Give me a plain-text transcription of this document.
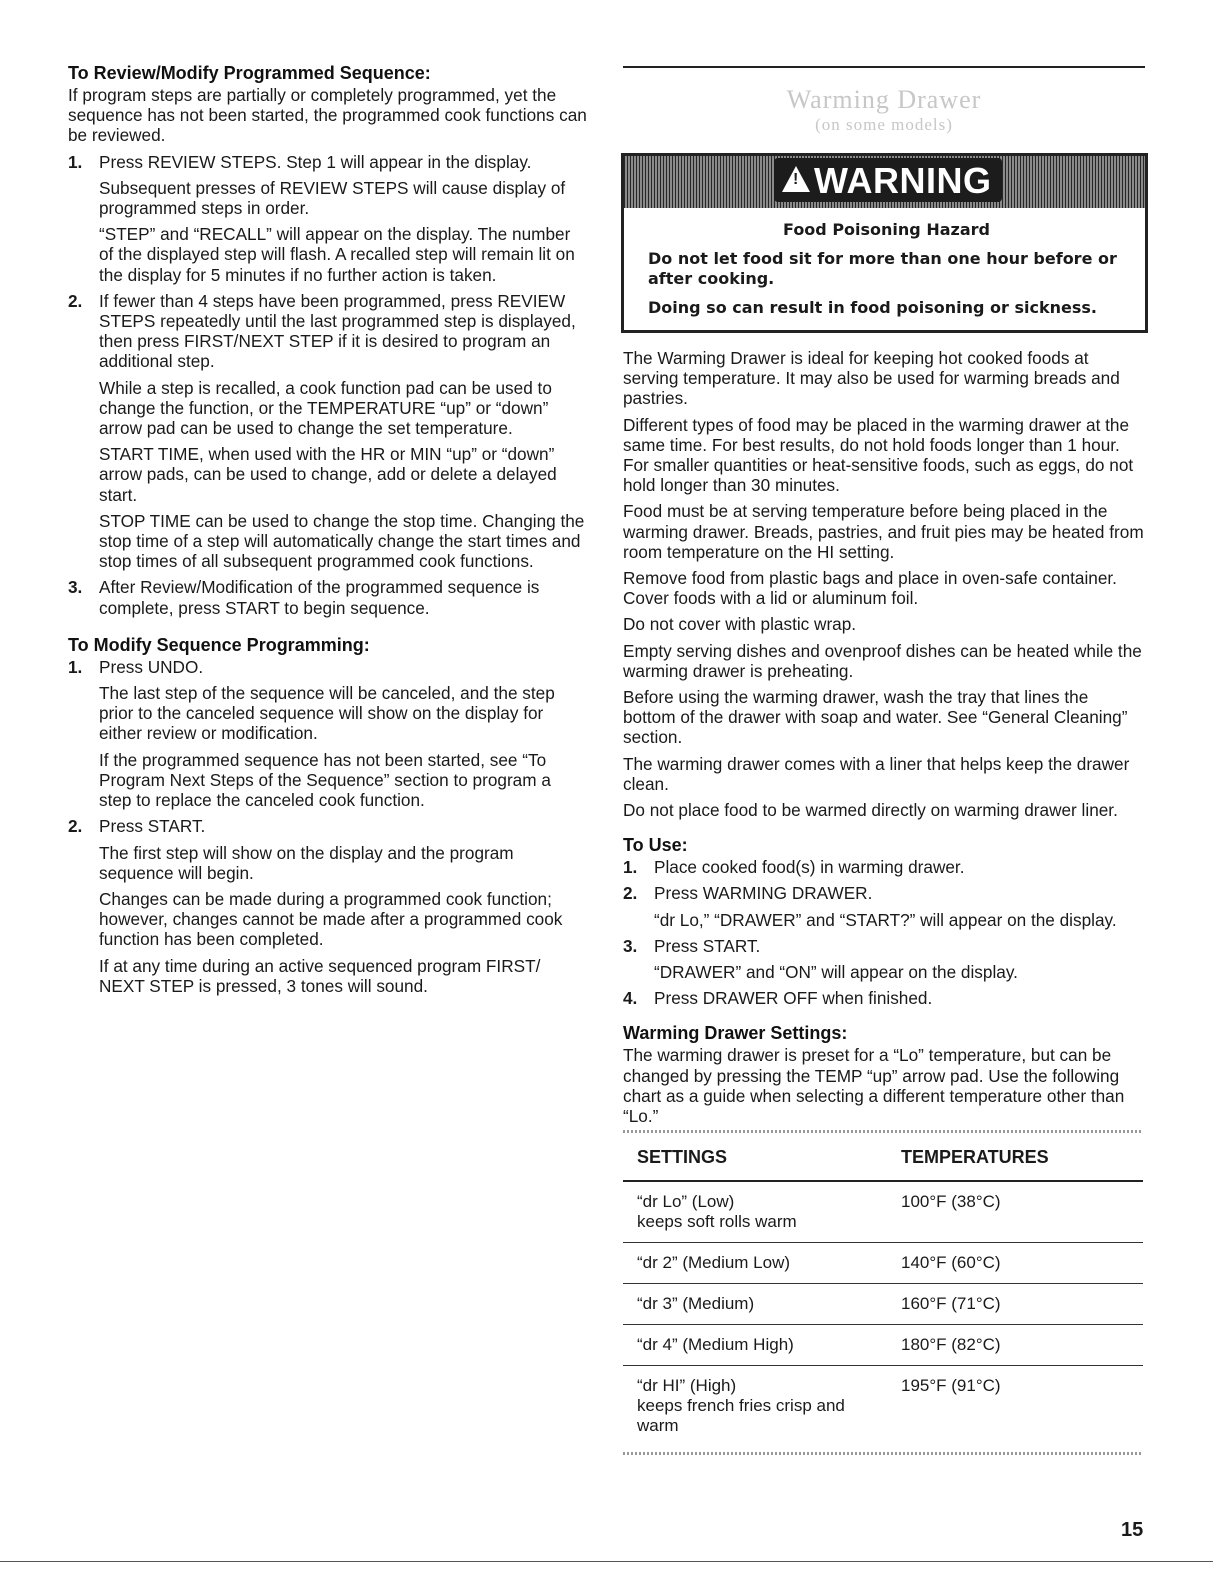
To Review/Modify Programmed Sequence:

If program steps are partially or completely programmed, yet the sequence has not been started, the programmed cook functions can be reviewed.

1. Press REVIEW STEPS. Step 1 will appear in the display.

Subsequent presses of REVIEW STEPS will cause display of programmed steps in order.

“STEP” and “RECALL” will appear on the display. The number of the displayed step will flash. A recalled step will remain lit on the display for 5 minutes if no further action is taken.

2. If fewer than 4 steps have been programmed, press REVIEW STEPS repeatedly until the last programmed step is displayed, then press FIRST/NEXT STEP if it is desired to program an additional step.

While a step is recalled, a cook function pad can be used to change the function, or the TEMPERATURE “up” or “down” arrow pad can be used to change the set temperature.

START TIME, when used with the HR or MIN “up” or “down” arrow pads, can be used to change, add or delete a delayed start.

STOP TIME can be used to change the stop time. Changing the stop time of a step will automatically change the start times and stop times of all subsequent programmed cook functions.

3. After Review/Modification of the programmed sequence is complete, press START to begin sequence.
To Modify Sequence Programming:
1. Press UNDO.

The last step of the sequence will be canceled, and the step prior to the canceled sequence will show on the display for either review or modification.

If the programmed sequence has not been started, see “To Program Next Steps of the Sequence” section to program a step to replace the canceled cook function.

2. Press START.

The first step will show on the display and the program sequence will begin.

Changes can be made during a programmed cook function; however, changes cannot be made after a programmed cook function has been completed.

If at any time during an active sequenced program FIRST/ NEXT STEP is pressed, 3 tones will sound.

Warming Drawer
(on some models)
! WARNING
Food Poisoning Hazard
Do not let food sit for more than one hour before or after cooking.
Doing so can result in food poisoning or sickness.

The Warming Drawer is ideal for keeping hot cooked foods at serving temperature. It may also be used for warming breads and pastries.

Different types of food may be placed in the warming drawer at the same time. For best results, do not hold foods longer than 1 hour. For smaller quantities or heat-sensitive foods, such as eggs, do not hold longer than 30 minutes.

Food must be at serving temperature before being placed in the warming drawer. Breads, pastries, and fruit pies may be heated from room temperature on the HI setting.

Remove food from plastic bags and place in oven-safe container. Cover foods with a lid or aluminum foil.

Do not cover with plastic wrap.

Empty serving dishes and ovenproof dishes can be heated while the warming drawer is preheating.

Before using the warming drawer, wash the tray that lines the bottom of the drawer with soap and water. See “General Cleaning” section.

The warming drawer comes with a liner that helps keep the drawer clean.

Do not place food to be warmed directly on warming drawer liner.

To Use:
1. Place cooked food(s) in warming drawer.
2. Press WARMING DRAWER.

“dr Lo,” “DRAWER” and “START?” will appear on the display.

3. Press START.

“DRAWER” and “ON” will appear on the display.

4. Press DRAWER OFF when finished.
Warming Drawer Settings:

The warming drawer is preset for a “Lo” temperature, but can be changed by pressing the TEMP “up” arrow pad. Use the following chart as a guide when selecting a different temperature other than “Lo.”

SETTINGS	TEMPERATURES

“dr Lo” (Low)
keeps soft rolls warm	100°F (38°C)

“dr 2” (Medium Low)	140°F (60°C)

“dr 3” (Medium)	160°F (71°C)

“dr 4” (Medium High)	180°F (82°C)

“dr HI” (High)
keeps french fries crisp and warm	195°F (91°C)
15
